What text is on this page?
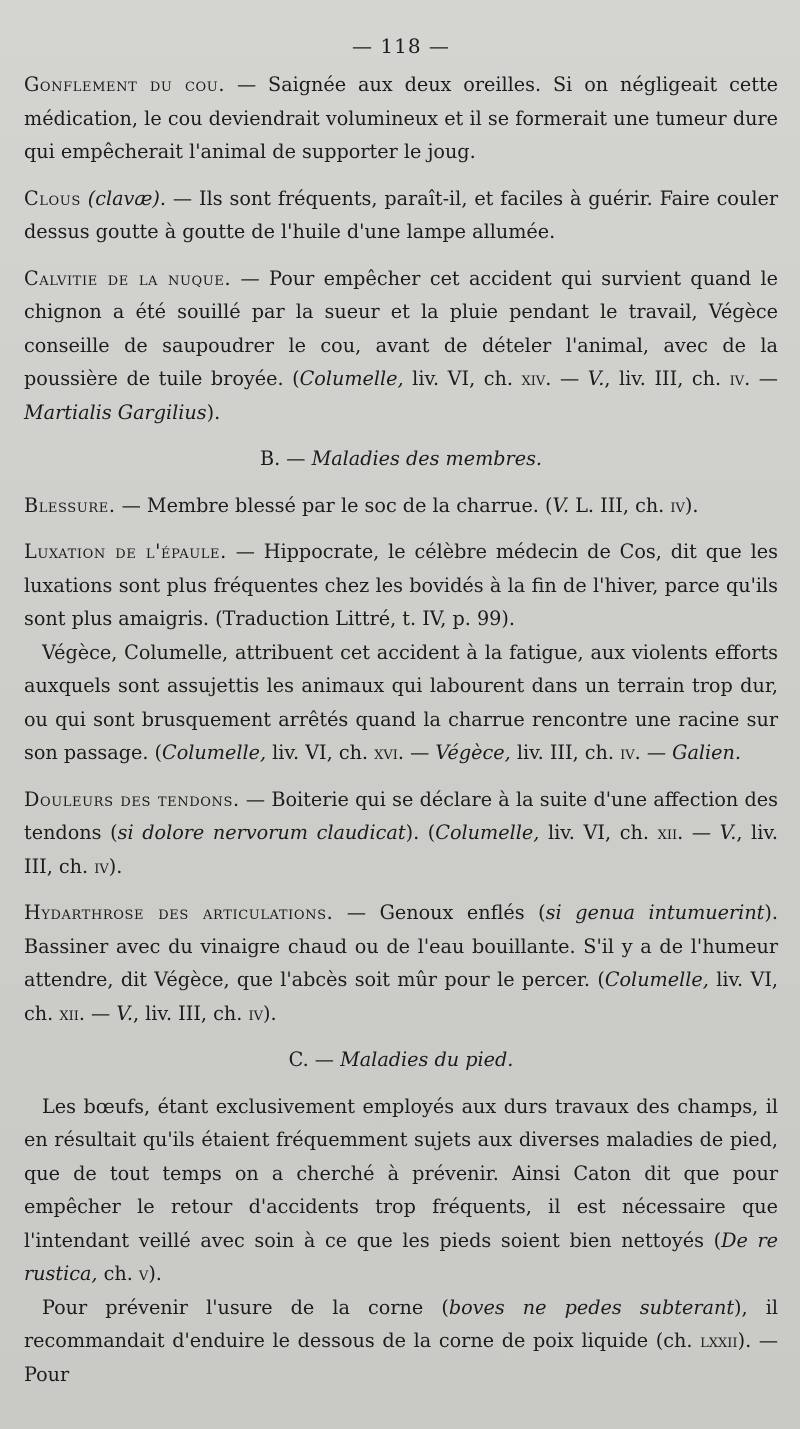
— 118 —

Gonflement du cou. — Saignée aux deux oreilles. Si on négligeait cette médication, le cou deviendrait volumineux et il se formerait une tumeur dure qui empêcherait l'animal de supporter le joug.

Clous (clavæ). — Ils sont fréquents, paraît-il, et faciles à guérir. Faire couler dessus goutte à goutte de l'huile d'une lampe allumée.

Calvitie de la nuque. — Pour empêcher cet accident qui survient quand le chignon a été souillé par la sueur et la pluie pendant le travail, Végèce conseille de saupoudrer le cou, avant de dételer l'animal, avec de la poussière de tuile broyée. (Columelle, liv. VI, ch. xiv. — V., liv. III, ch. iv. — Martialis Gargilius).

B. — Maladies des membres.

Blessure. — Membre blessé par le soc de la charrue. (V. L. III, ch. iv).

Luxation de l'épaule. — Hippocrate, le célèbre médecin de Cos, dit que les luxations sont plus fréquentes chez les bovidés à la fin de l'hiver, parce qu'ils sont plus amaigris. (Traduction Littré, t. IV, p. 99).

Végèce, Columelle, attribuent cet accident à la fatigue, aux violents efforts auxquels sont assujettis les animaux qui labourent dans un terrain trop dur, ou qui sont brusquement arrêtés quand la charrue rencontre une racine sur son passage. (Columelle, liv. VI, ch. xvi. — Végèce, liv. III, ch. iv. — Galien.

Douleurs des tendons. — Boiterie qui se déclare à la suite d'une affection des tendons (si dolore nervorum claudicat). (Columelle, liv. VI, ch. xii. — V., liv. III, ch. iv).

Hydarthrose des articulations. — Genoux enflés (si genua intumuerint). Bassiner avec du vinaigre chaud ou de l'eau bouillante. S'il y a de l'humeur attendre, dit Végèce, que l'abcès soit mûr pour le percer. (Columelle, liv. VI, ch. xii. — V., liv. III, ch. iv).

C. — Maladies du pied.

Les bœufs, étant exclusivement employés aux durs travaux des champs, il en résultait qu'ils étaient fréquemment sujets aux diverses maladies de pied, que de tout temps on a cherché à prévenir. Ainsi Caton dit que pour empêcher le retour d'accidents trop fréquents, il est nécessaire que l'intendant veillé avec soin à ce que les pieds soient bien nettoyés (De re rustica, ch. v).

Pour prévenir l'usure de la corne (boves ne pedes subterant), il recommandait d'enduire le dessous de la corne de poix liquide (ch. lxxii). — Pour
